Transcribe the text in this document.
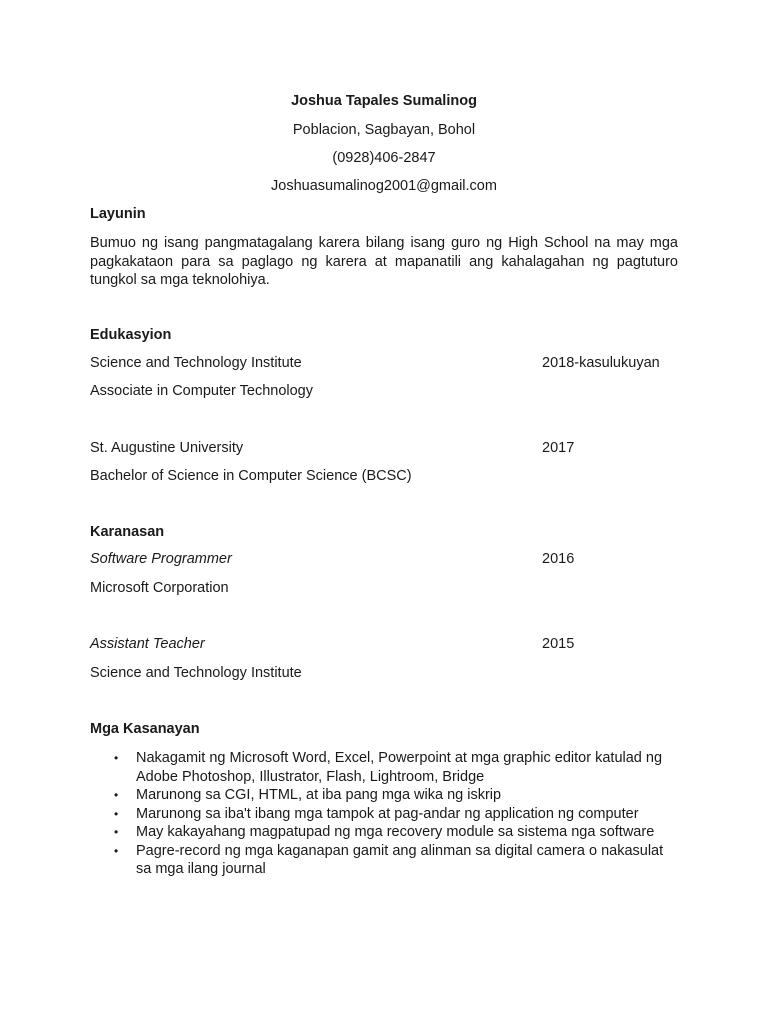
Joshua Tapales Sumalinog
Poblacion, Sagbayan, Bohol
(0928)406-2847
Joshuasumalinog2001@gmail.com
Layunin
Bumuo ng isang pangmatagalang karera bilang isang guro ng High School na may mga pagkakataon para sa paglago ng karera at mapanatili ang kahalagahan ng pagtuturo tungkol sa mga teknolohiya.
Edukasyion
Science and Technology Institute	2018-kasulukuyan
Associate in Computer Technology
St. Augustine University	2017
Bachelor of Science in Computer Science (BCSC)
Karanasan
Software Programmer	2016
Microsoft Corporation
Assistant Teacher	2015
Science and Technology Institute
Mga Kasanayan
• Nakagamit ng Microsoft Word, Excel, Powerpoint at mga graphic editor katulad ng Adobe Photoshop, Illustrator, Flash, Lightroom, Bridge
• Marunong sa CGI, HTML, at iba pang mga wika ng iskrip
• Marunong sa iba't ibang mga tampok at pag-andar ng application ng computer
• May kakayahang magpatupad ng mga recovery module sa sistema nga software
• Pagre-record ng mga kaganapan gamit ang alinman sa digital camera o nakasulat sa mga ilang journal
